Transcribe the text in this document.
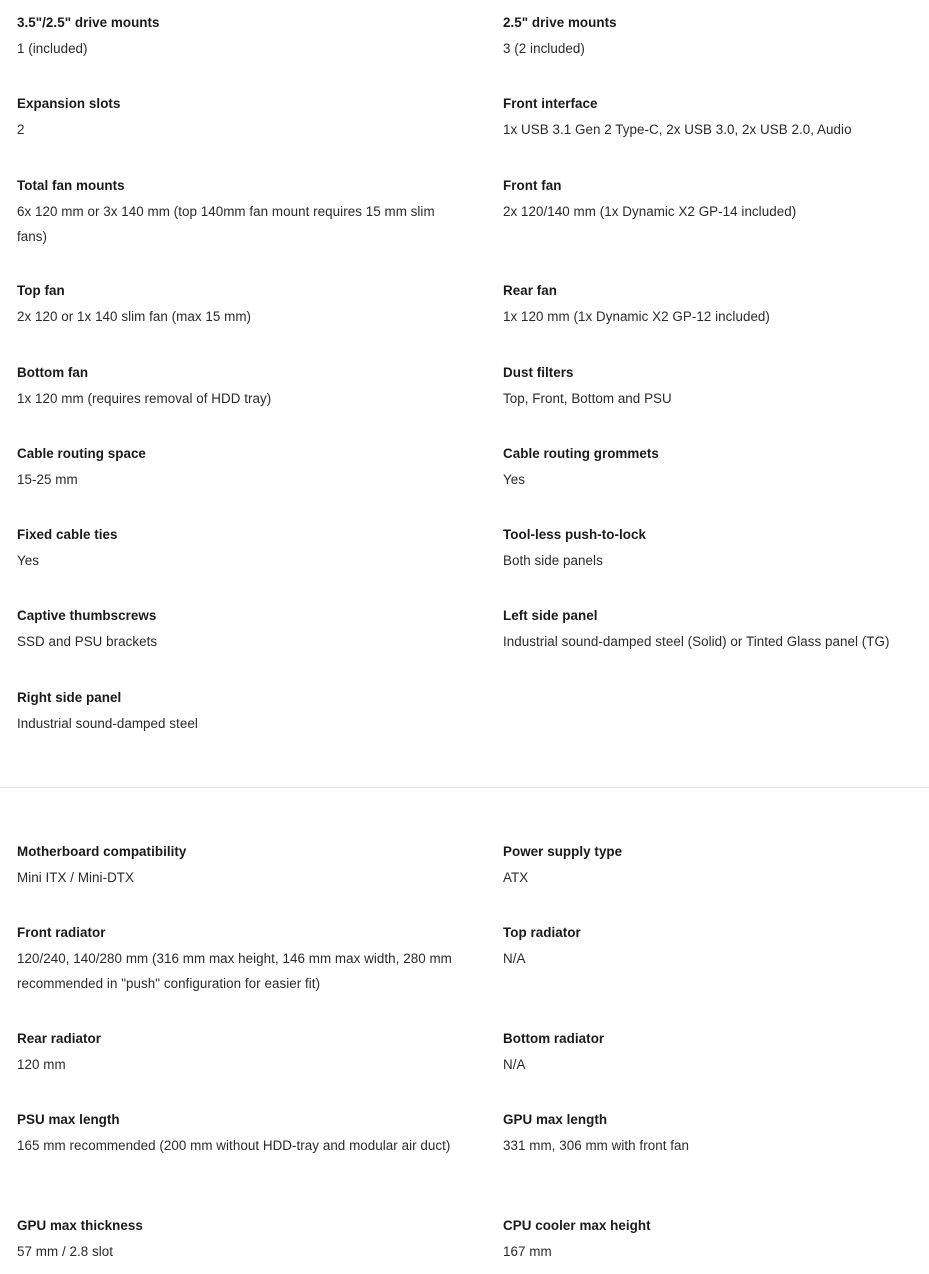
3.5"/2.5" drive mounts
1 (included)
2.5" drive mounts
3 (2 included)
Expansion slots
2
Front interface
1x USB 3.1 Gen 2 Type-C, 2x USB 3.0, 2x USB 2.0, Audio
Total fan mounts
6x 120 mm or 3x 140 mm (top 140mm fan mount requires 15 mm slim fans)
Front fan
2x 120/140 mm (1x Dynamic X2 GP-14 included)
Top fan
2x 120 or 1x 140 slim fan (max 15 mm)
Rear fan
1x 120 mm (1x Dynamic X2 GP-12 included)
Bottom fan
1x 120 mm (requires removal of HDD tray)
Dust filters
Top, Front, Bottom and PSU
Cable routing space
15-25 mm
Cable routing grommets
Yes
Fixed cable ties
Yes
Tool-less push-to-lock
Both side panels
Captive thumbscrews
SSD and PSU brackets
Left side panel
Industrial sound-damped steel (Solid) or Tinted Glass panel (TG)
Right side panel
Industrial sound-damped steel
Motherboard compatibility
Mini ITX / Mini-DTX
Power supply type
ATX
Front radiator
120/240, 140/280 mm (316 mm max height, 146 mm max width, 280 mm recommended in "push" configuration for easier fit)
Top radiator
N/A
Rear radiator
120 mm
Bottom radiator
N/A
PSU max length
165 mm recommended (200 mm without HDD-tray and modular air duct)
GPU max length
331 mm, 306 mm with front fan
GPU max thickness
57 mm / 2.8 slot
CPU cooler max height
167 mm
